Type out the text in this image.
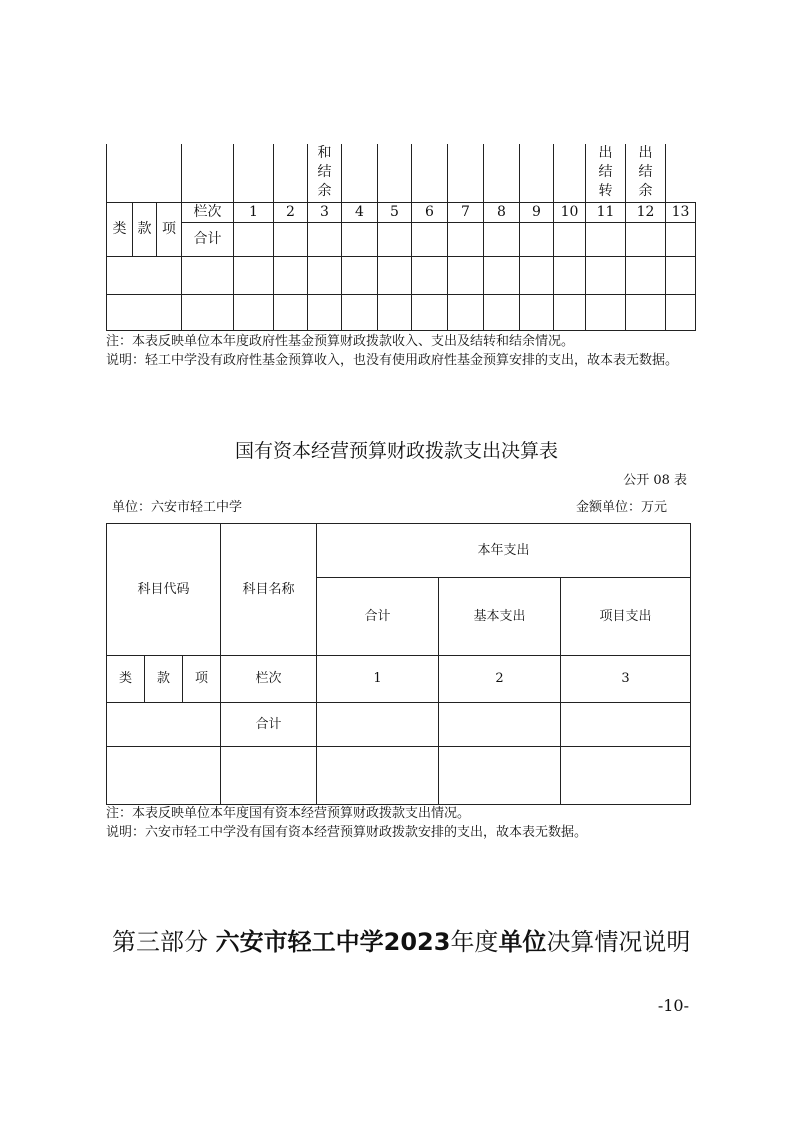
						和结余								出结转	出结余	
类	款	项	栏次	1	2	3	4	5	6	7	8	9	10	11	12	13
			合计													

注：本表反映单位本年度政府性基金预算财政拨款收入、支出及结转和结余情况。
说明：轻工中学没有政府性基金预算收入，也没有使用政府性基金预算安排的支出，故本表无数据。
国有资本经营预算财政拨款支出决算表
公开 08 表
单位：六安市轻工中学	金额单位：万元
科目代码			科目名称	本年支出		
				合计	基本支出	项目支出
类	款	项	栏次	1	2	3
			合计			

注：本表反映单位本年度国有资本经营预算财政拨款支出情况。
说明：六安市轻工中学没有国有资本经营预算财政拨款安排的支出，故本表无数据。
第三部分 六安市轻工中学2023年度单位决算情况说明
-10-
